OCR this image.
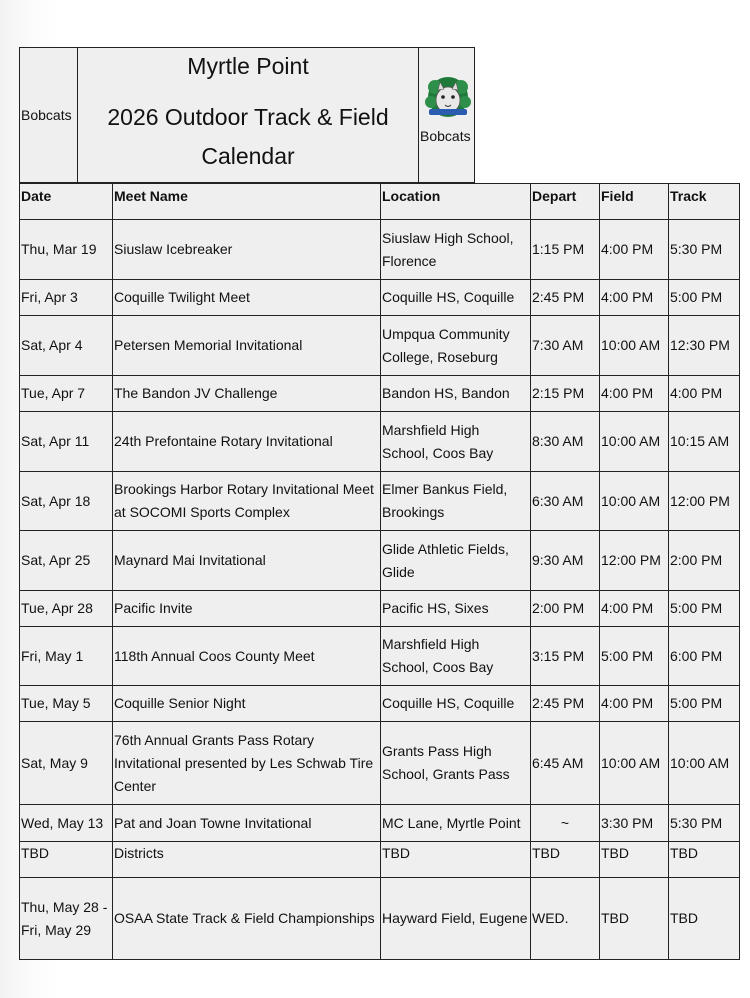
Bobcats
Myrtle Point
2026 Outdoor Track & Field Calendar
Bobcats
Date	Meet Name	Location	Depart	Field	Track
Thu, Mar 19	Siuslaw Icebreaker	Siuslaw High School, Florence	1:15 PM	4:00 PM	5:30 PM
Fri, Apr 3	Coquille Twilight Meet	Coquille HS, Coquille	2:45 PM	4:00 PM	5:00 PM
Sat, Apr 4	Petersen Memorial Invitational	Umpqua Community College, Roseburg	7:30 AM	10:00 AM	12:30 PM
Tue, Apr 7	The Bandon JV Challenge	Bandon HS, Bandon	2:15 PM	4:00 PM	4:00 PM
Sat, Apr 11	24th Prefontaine Rotary Invitational	Marshfield High School, Coos Bay	8:30 AM	10:00 AM	10:15 AM
Sat, Apr 18	Brookings Harbor Rotary Invitational Meet at SOCOMI Sports Complex	Elmer Bankus Field, Brookings	6:30 AM	10:00 AM	12:00 PM
Sat, Apr 25	Maynard Mai Invitational	Glide Athletic Fields, Glide	9:30 AM	12:00 PM	2:00 PM
Tue, Apr 28	Pacific Invite	Pacific HS, Sixes	2:00 PM	4:00 PM	5:00 PM
Fri, May 1	118th Annual Coos County Meet	Marshfield High School, Coos Bay	3:15 PM	5:00 PM	6:00 PM
Tue, May 5	Coquille Senior Night	Coquille HS, Coquille	2:45 PM	4:00 PM	5:00 PM
Sat, May 9	76th Annual Grants Pass Rotary Invitational presented by Les Schwab Tire Center	Grants Pass High School, Grants Pass	6:45 AM	10:00 AM	10:00 AM
Wed, May 13	Pat and Joan Towne Invitational	MC Lane, Myrtle Point	~	3:30 PM	5:30 PM
TBD	Districts	TBD	TBD	TBD	TBD
Thu, May 28 - Fri, May 29	OSAA State Track & Field Championships	Hayward Field, Eugene	WED.	TBD	TBD
